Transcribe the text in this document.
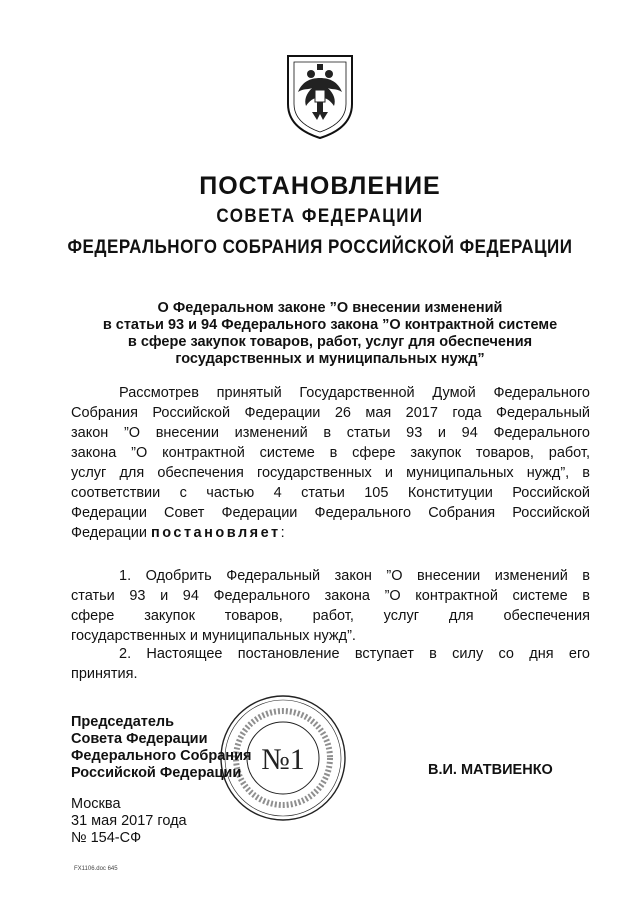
ПОСТАНОВЛЕНИЕ
СОВЕТА ФЕДЕРАЦИИ
ФЕДЕРАЛЬНОГО СОБРАНИЯ РОССИЙСКОЙ ФЕДЕРАЦИИ
О Федеральном законе ”О внесении изменений
в статьи 93 и 94 Федерального закона ”О контрактной системе
в сфере закупок товаров, работ, услуг для обеспечения
государственных и муниципальных нужд”
Рассмотрев принятый Государственной Думой Федерального
Собрания Российской Федерации 26 мая 2017 года Федеральный
закон ”О внесении изменений в статьи 93 и 94 Федерального
закона ”О контрактной системе в сфере закупок товаров, работ,
услуг для обеспечения государственных и муниципальных нужд”, в
соответствии с частью 4 статьи 105 Конституции Российской
Федерации Совет Федерации Федерального Собрания Российской
Федерации постановляет:
1. Одобрить Федеральный закон ”О внесении изменений в
статьи 93 и 94 Федерального закона ”О контрактной системе в
сфере закупок товаров, работ, услуг для обеспечения
государственных и муниципальных нужд”.
2. Настоящее постановление вступает в силу со дня его
принятия.
№1
Председатель
Совета Федерации
Федерального Собрания
Российской Федерации	В.И. МАТВИЕНКО
Москва
31 мая 2017 года
№ 154-СФ
FX1106.doc 645
